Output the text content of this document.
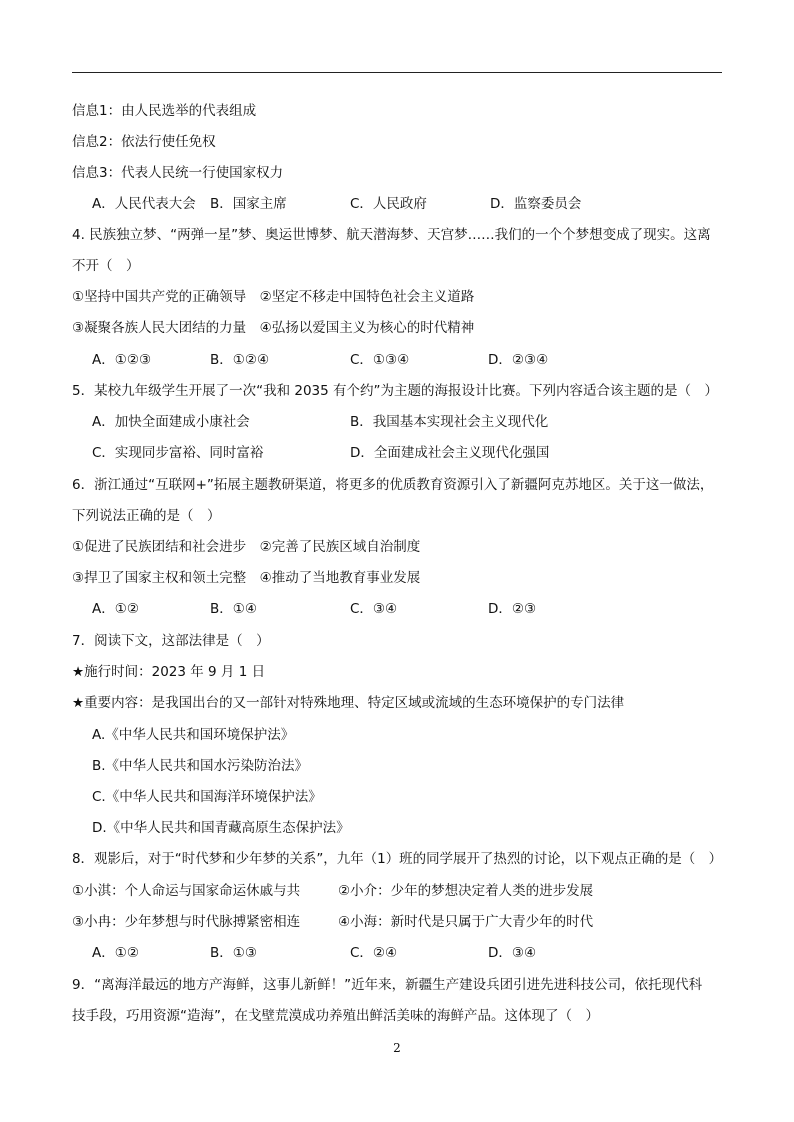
信息1：由人民选举的代表组成
信息2：依法行使任免权
信息3：代表人民统一行使国家权力
A．人民代表大会 B．国家主席	C．人民政府	D．监察委员会
4. 民族独立梦、“两弹一星”梦、奥运世博梦、航天潜海梦、天宫梦……我们的一个个梦想变成了现实。这离
不开（　）
①坚持中国共产党的正确领导　②坚定不移走中国特色社会主义道路
③凝聚各族人民大团结的力量　④弘扬以爱国主义为核心的时代精神
A．①②③	B．①②④	C．①③④	D．②③④
5．某校九年级学生开展了一次“我和 2035 有个约”为主题的海报设计比赛。下列内容适合该主题的是（　）
A．加快全面建成小康社会	B．我国基本实现社会主义现代化
C．实现同步富裕、同时富裕	D．全面建成社会主义现代化强国
6．浙江通过“互联网+”拓展主题教研渠道，将更多的优质教育资源引入了新疆阿克苏地区。关于这一做法，
下列说法正确的是（　）
①促进了民族团结和社会进步　②完善了民族区域自治制度
③捍卫了国家主权和领土完整　④推动了当地教育事业发展
A．①②	B．①④	C．③④	D．②③
7．阅读下文，这部法律是（　）
★施行时间：2023 年 9 月 1 日
★重要内容：是我国出台的又一部针对特殊地理、特定区域或流域的生态环境保护的专门法律
A.《中华人民共和国环境保护法》
B.《中华人民共和国水污染防治法》
C.《中华人民共和国海洋环境保护法》
D.《中华人民共和国青藏高原生态保护法》
8．观影后，对于“时代梦和少年梦的关系”，九年（1）班的同学展开了热烈的讨论，以下观点正确的是（　）
①小淇：个人命运与国家命运休戚与共	②小介：少年的梦想决定着人类的进步发展
③小冉：少年梦想与时代脉搏紧密相连	④小海：新时代是只属于广大青少年的时代
A．①②	B．①③	C．②④	D．③④
9．“离海洋最远的地方产海鲜，这事儿新鲜！”近年来，新疆生产建设兵团引进先进科技公司，依托现代科
技手段，巧用资源“造海”，在戈壁荒漠成功养殖出鲜活美味的海鲜产品。这体现了（　）
2
